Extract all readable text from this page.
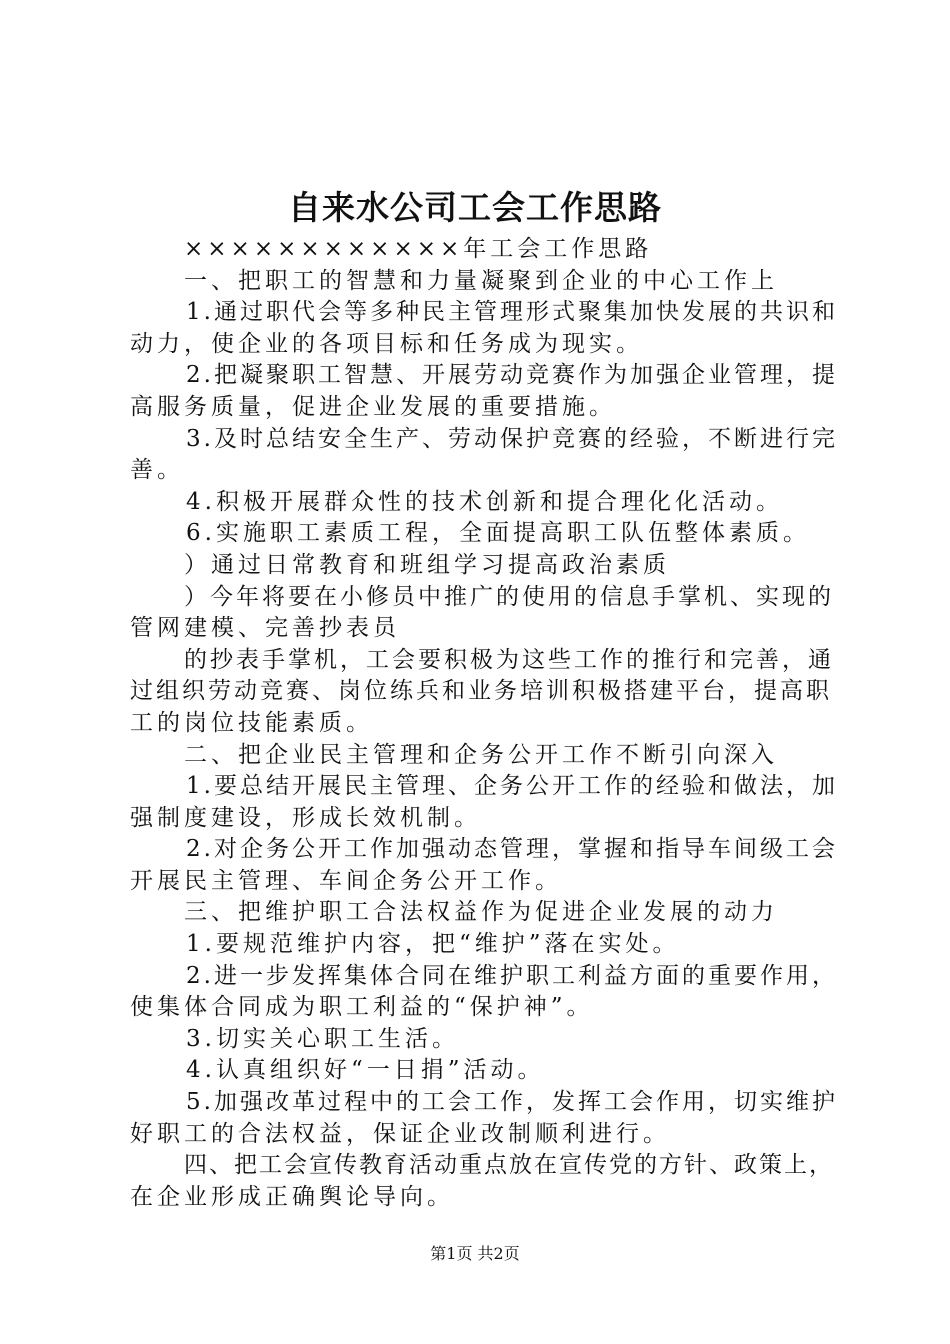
自来水公司工会工作思路
××××××××××××年工会工作思路
一、把职工的智慧和力量凝聚到企业的中心工作上
1.通过职代会等多种民主管理形式聚集加快发展的共识和
动力，使企业的各项目标和任务成为现实。
2.把凝聚职工智慧、开展劳动竞赛作为加强企业管理，提
高服务质量，促进企业发展的重要措施。
3.及时总结安全生产、劳动保护竞赛的经验，不断进行完
善。
4.积极开展群众性的技术创新和提合理化化活动。
6.实施职工素质工程，全面提高职工队伍整体素质。
）通过日常教育和班组学习提高政治素质
）今年将要在小修员中推广的使用的信息手掌机、实现的
管网建模、完善抄表员
的抄表手掌机，工会要积极为这些工作的推行和完善，通
过组织劳动竞赛、岗位练兵和业务培训积极搭建平台，提高职
工的岗位技能素质。
二、把企业民主管理和企务公开工作不断引向深入
1.要总结开展民主管理、企务公开工作的经验和做法，加
强制度建设，形成长效机制。
2.对企务公开工作加强动态管理，掌握和指导车间级工会
开展民主管理、车间企务公开工作。
三、把维护职工合法权益作为促进企业发展的动力
1.要规范维护内容，把“维护”落在实处。
2.进一步发挥集体合同在维护职工利益方面的重要作用，
使集体合同成为职工利益的“保护神”。
3.切实关心职工生活。
4.认真组织好“一日捐”活动。
5.加强改革过程中的工会工作，发挥工会作用，切实维护
好职工的合法权益，保证企业改制顺利进行。
四、把工会宣传教育活动重点放在宣传党的方针、政策上，
在企业形成正确舆论导向。
第1页 共2页
